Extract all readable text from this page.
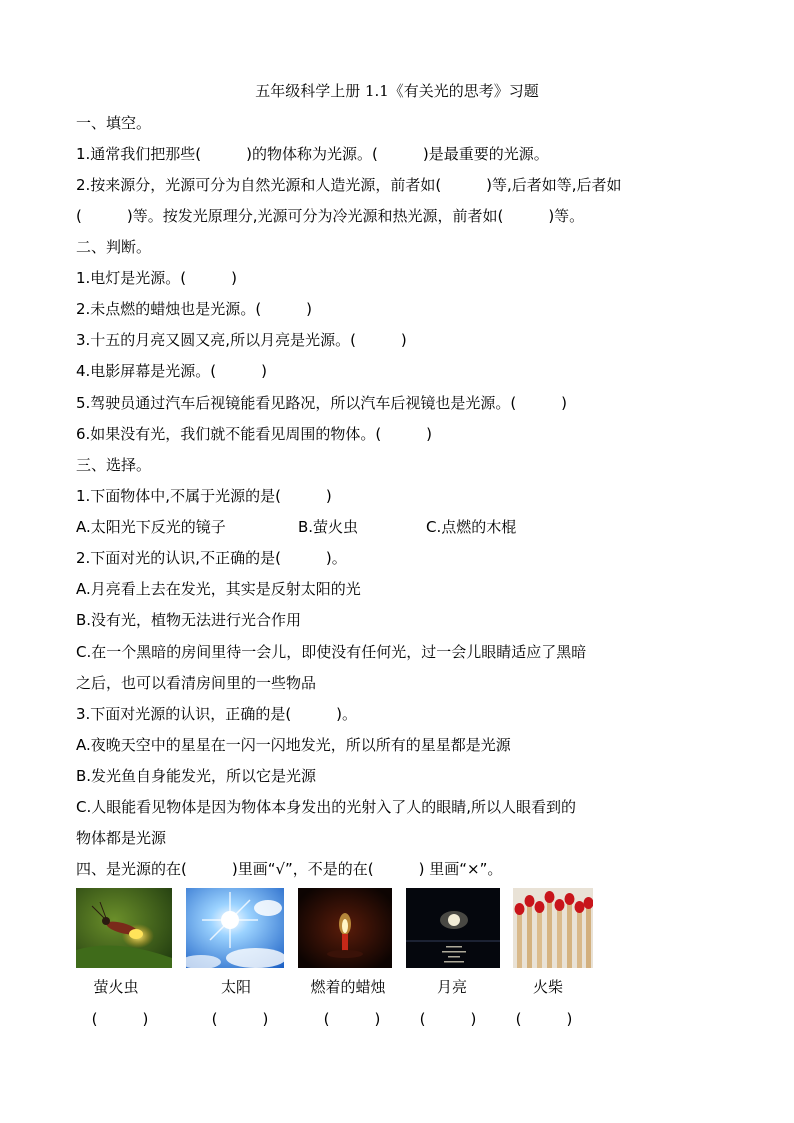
五年级科学上册 1.1《有关光的思考》习题
一、填空。
1.通常我们把那些(　　　)的物体称为光源。(　　　)是最重要的光源。
2.按来源分，光源可分为自然光源和人造光源，前者如(　　　)等,后者如等,后者如
(　　　)等。按发光原理分,光源可分为冷光源和热光源，前者如(　　　)等。
二、判断。
1.电灯是光源。(　　　)
2.未点燃的蜡烛也是光源。(　　　)
3.十五的月亮又圆又亮,所以月亮是光源。(　　　)
4.电影屏幕是光源。(　　　)
5.驾驶员通过汽车后视镜能看见路况，所以汽车后视镜也是光源。(　　　)
6.如果没有光，我们就不能看见周围的物体。(　　　)
三、选择。
1.下面物体中,不属于光源的是(　　　)
A.太阳光下反光的镜子	B.萤火虫	C.点燃的木棍
2.下面对光的认识,不正确的是(　　　)。
A.月亮看上去在发光，其实是反射太阳的光
B.没有光，植物无法进行光合作用
C.在一个黑暗的房间里待一会儿，即使没有任何光，过一会儿眼睛适应了黑暗
之后，也可以看清房间里的一些物品
3.下面对光源的认识，正确的是(　　　)。
A.夜晚天空中的星星在一闪一闪地发光，所以所有的星星都是光源
B.发光鱼自身能发光，所以它是光源
C.人眼能看见物体是因为物体本身发出的光射入了人的眼睛,所以人眼看到的
物体都是光源
四、是光源的在(　　　)里画“√”，不是的在(　　　) 里画“×”。
萤火虫	太阳	燃着的蜡烛	月亮	火柴
(　　　)	(　　　)	(　　　)	(　　　)	(　　　)
